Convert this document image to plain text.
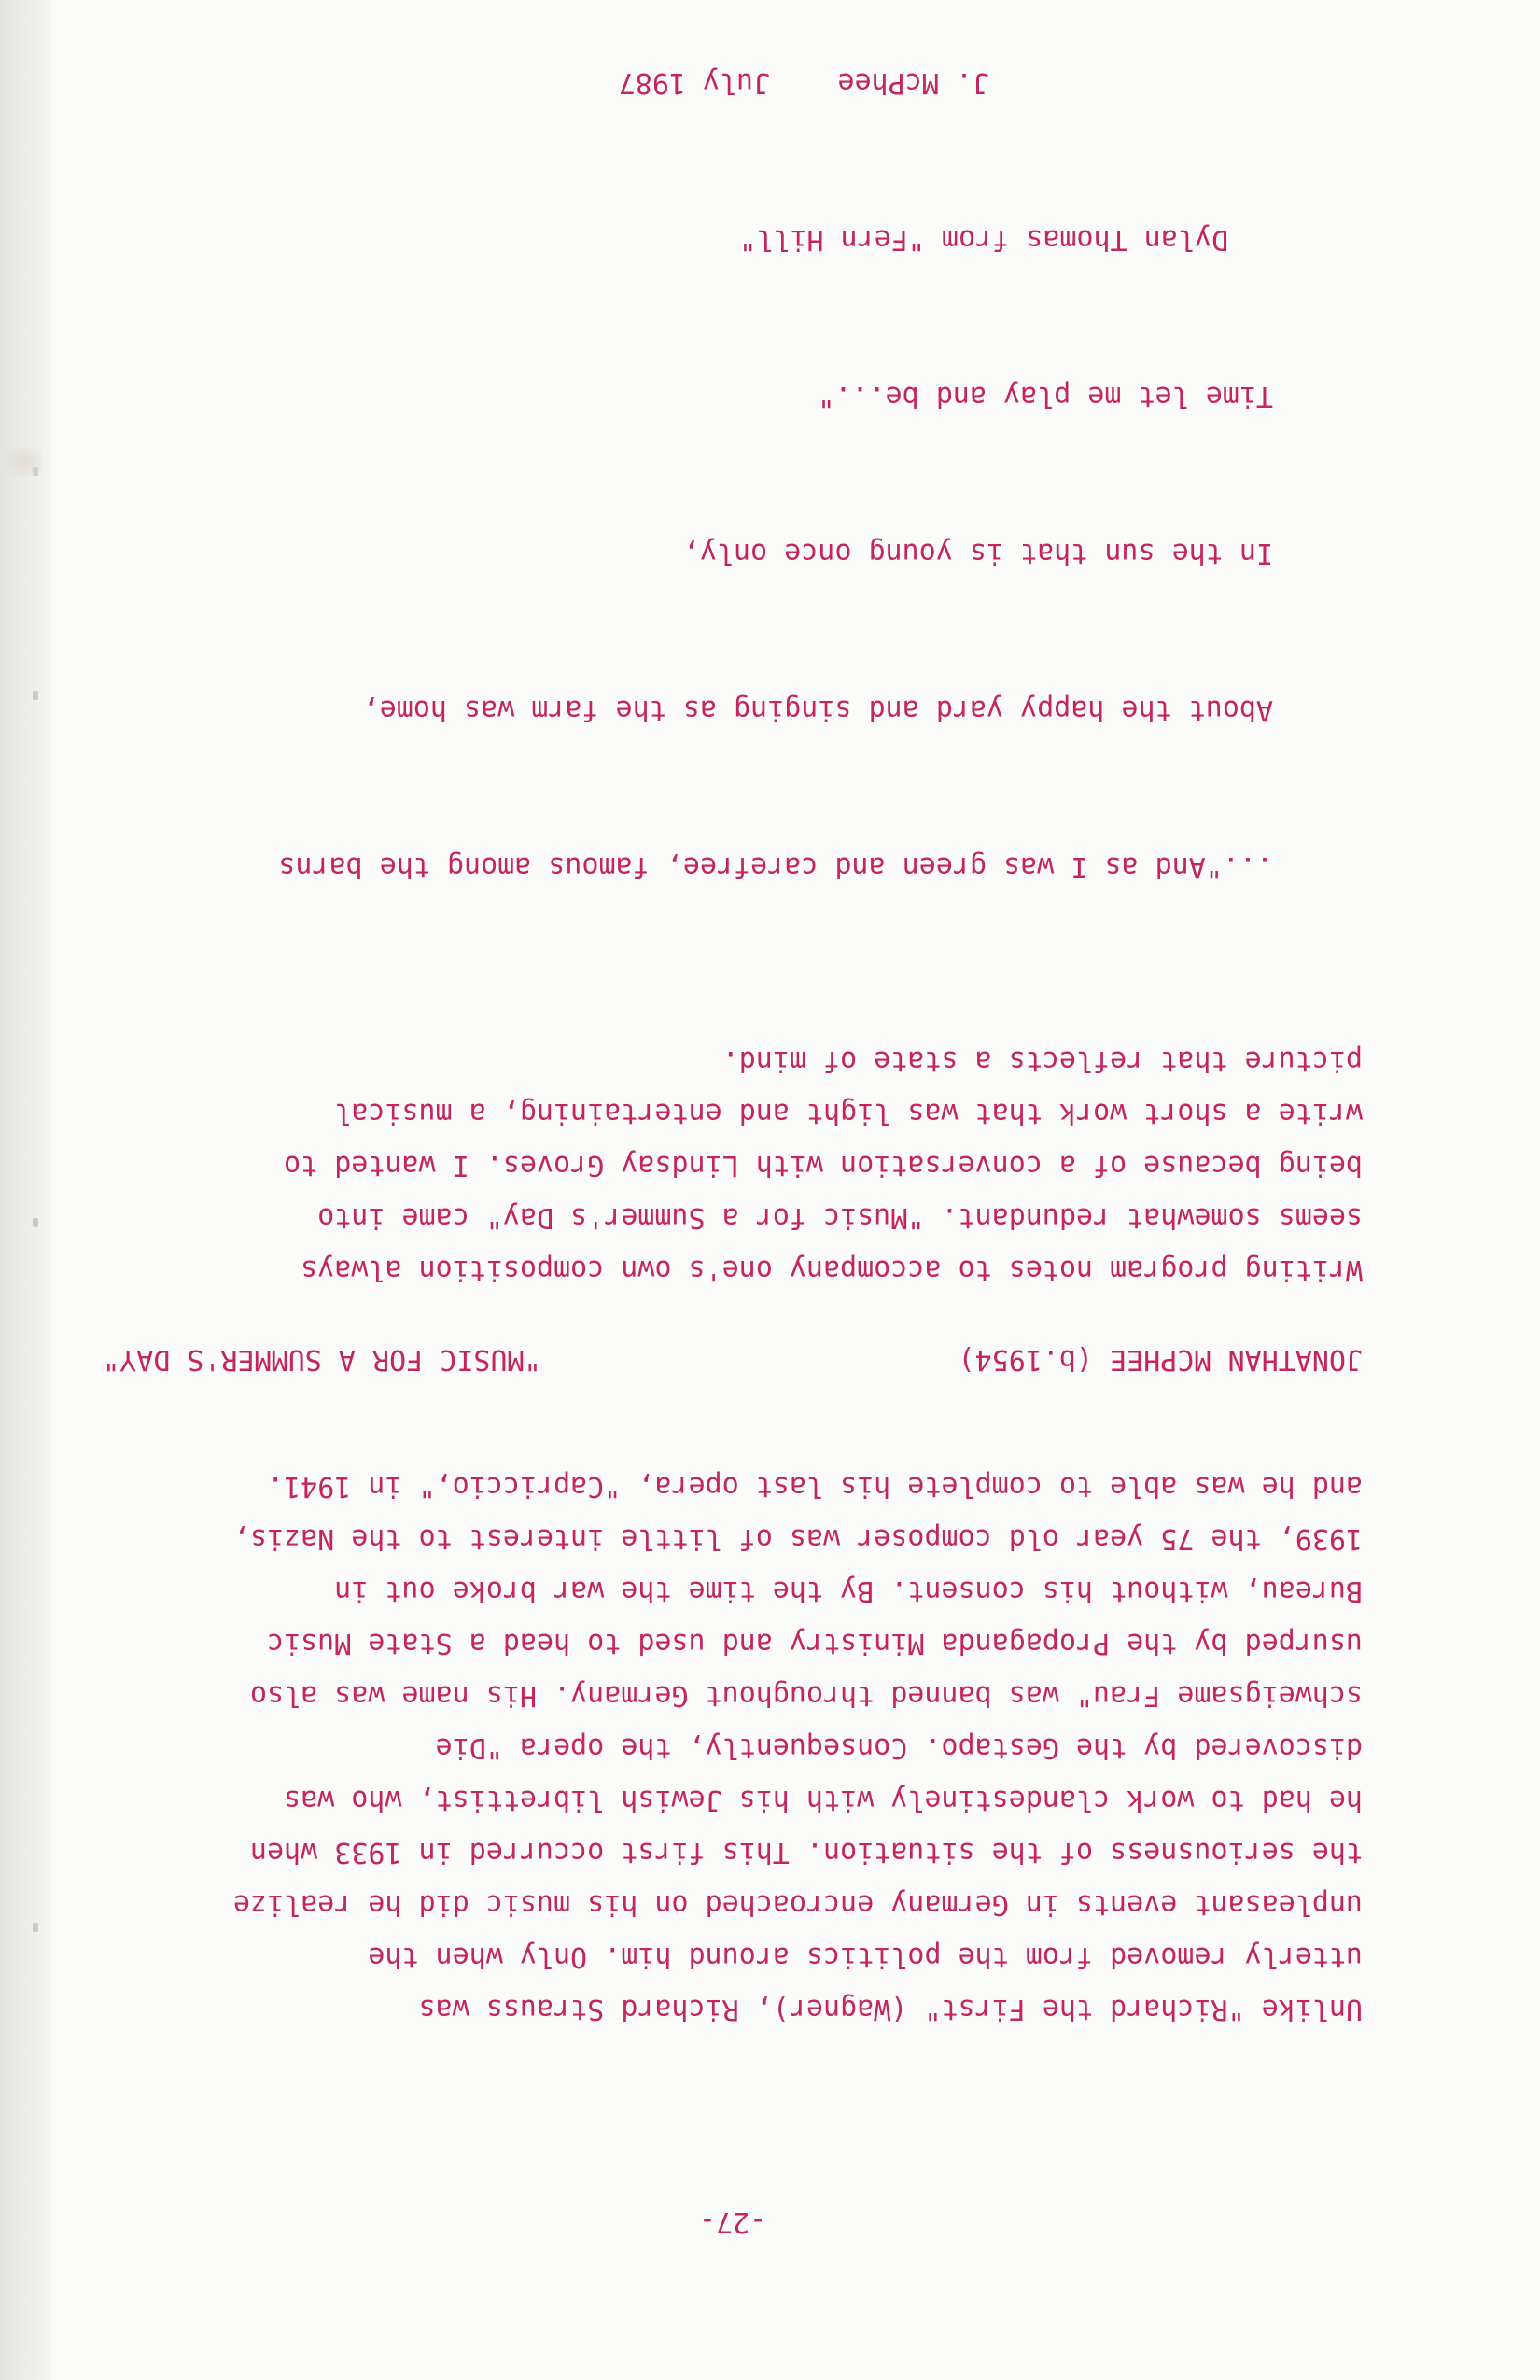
-27-
Unlike "Richard the First" (Wagner), Richard Strauss was
utterly removed from the politics around him. Only when the
unpleasant events in Germany encroached on his music did he realize
the seriousness of the situation. This first occurred in 1933 when
he had to work clandestinely with his Jewish librettist, who was
discovered by the Gestapo. Consequently, the opera "Die
schweigsame Frau" was banned throughout Germany. His name was also
usurped by the Propaganda Ministry and used to head a State Music
Bureau, without his consent. By the time the war broke out in
1939, the 75 year old composer was of little interest to the Nazis,
and he was able to complete his last opera, "Capriccio," in 1941.
JONATHAN MCPHEE (b.1954)
"MUSIC FOR A SUMMER'S DAY"
Writing program notes to accompany one's own composition always
seems somewhat redundant. "Music for a Summer's Day" came into
being because of a conversation with Lindsay Groves. I wanted to
write a short work that was light and entertaining, a musical
picture that reflects a state of mind.

..."And as I was green and carefree, famous among the barns

About the happy yard and singing as the farm was home,

In the sun that is young once only,

Time let me play and be..."

Dylan Thomas from "Fern Hill"

J. McPhee    July 1987
